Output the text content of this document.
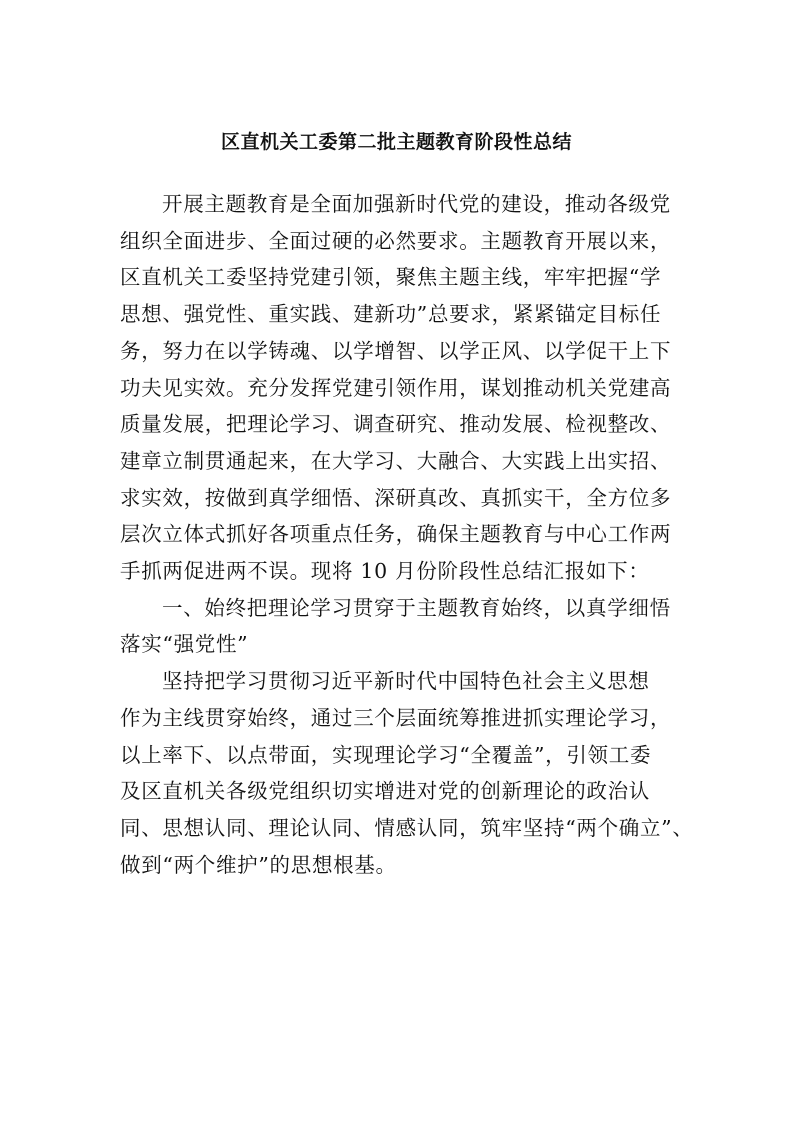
区直机关工委第二批主题教育阶段性总结

开展主题教育是全面加强新时代党的建设，推动各级党
组织全面进步、全面过硬的必然要求。主题教育开展以来，
区直机关工委坚持党建引领，聚焦主题主线，牢牢把握“学
思想、强党性、重实践、建新功”总要求，紧紧锚定目标任
务，努力在以学铸魂、以学增智、以学正风、以学促干上下
功夫见实效。充分发挥党建引领作用，谋划推动机关党建高
质量发展，把理论学习、调查研究、推动发展、检视整改、
建章立制贯通起来，在大学习、大融合、大实践上出实招、
求实效，按做到真学细悟、深研真改、真抓实干，全方位多
层次立体式抓好各项重点任务，确保主题教育与中心工作两
手抓两促进两不误。现将 10 月份阶段性总结汇报如下：

一、始终把理论学习贯穿于主题教育始终，以真学细悟
落实“强党性”

坚持把学习贯彻习近平新时代中国特色社会主义思想
作为主线贯穿始终，通过三个层面统筹推进抓实理论学习，
以上率下、以点带面，实现理论学习“全覆盖”，引领工委
及区直机关各级党组织切实增进对党的创新理论的政治认
同、思想认同、理论认同、情感认同，筑牢坚持“两个确立”、
做到“两个维护”的思想根基。
